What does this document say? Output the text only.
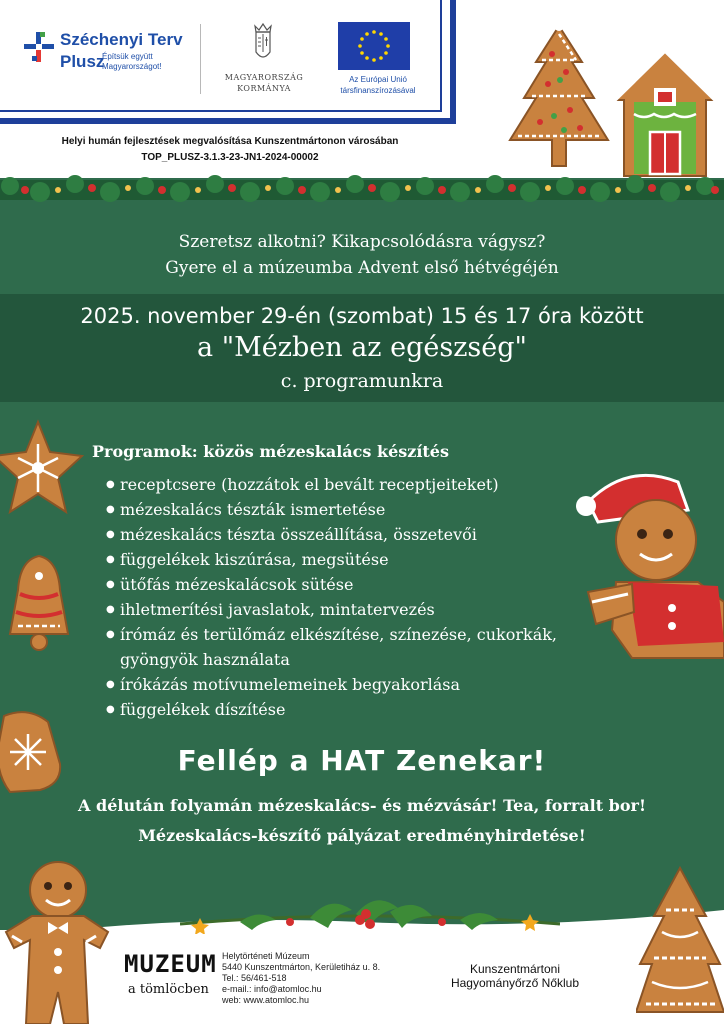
Széchenyi Terv
Plusz
Építsük együtt Magyarországot!
MAGYARORSZÁG
KORMÁNYA
Az Európai Unió
társfinanszírozásával
Helyi humán fejlesztések megvalósítása Kunszentmártonon városában
TOP_PLUSZ-3.1.3-23-JN1-2024-00002
Szeretsz alkotni? Kikapcsolódásra vágysz?
Gyere el a múzeumba Advent első hétvégéjén
2025. november 29-én (szombat) 15 és 17 óra között
a "Mézben az egészség"
c. programunkra
Programok: közös mézeskalács készítés
● receptcsere (hozzátok el bevált receptjeiteket)
● mézeskalács tészták ismertetése
● mézeskalács tészta összeállítása, összetevői
● függelékek kiszúrása, megsütése
● ütőfás mézeskalácsok sütése
● ihletmerítési javaslatok, mintatervezés
● írómáz és terülőmáz elkészítése, színezése, cukorkák, gyöngyök használata
● írókázás motívumelemeinek begyakorlása
● függelékek díszítése
Fellép a HAT Zenekar!
A délután folyamán mézeskalács- és mézvásár! Tea, forralt bor!
Mézeskalács-készítő pályázat eredményhirdetése!
MUZEUM
a tömlöcben
Helytörténeti Múzeum
5440 Kunszentmárton, Kerületiház u. 8.
Tel.: 56/461-518
e-mail.: info@atomloc.hu
web: www.atomloc.hu
Kunszentmártoni
Hagyományőrző Nőklub
